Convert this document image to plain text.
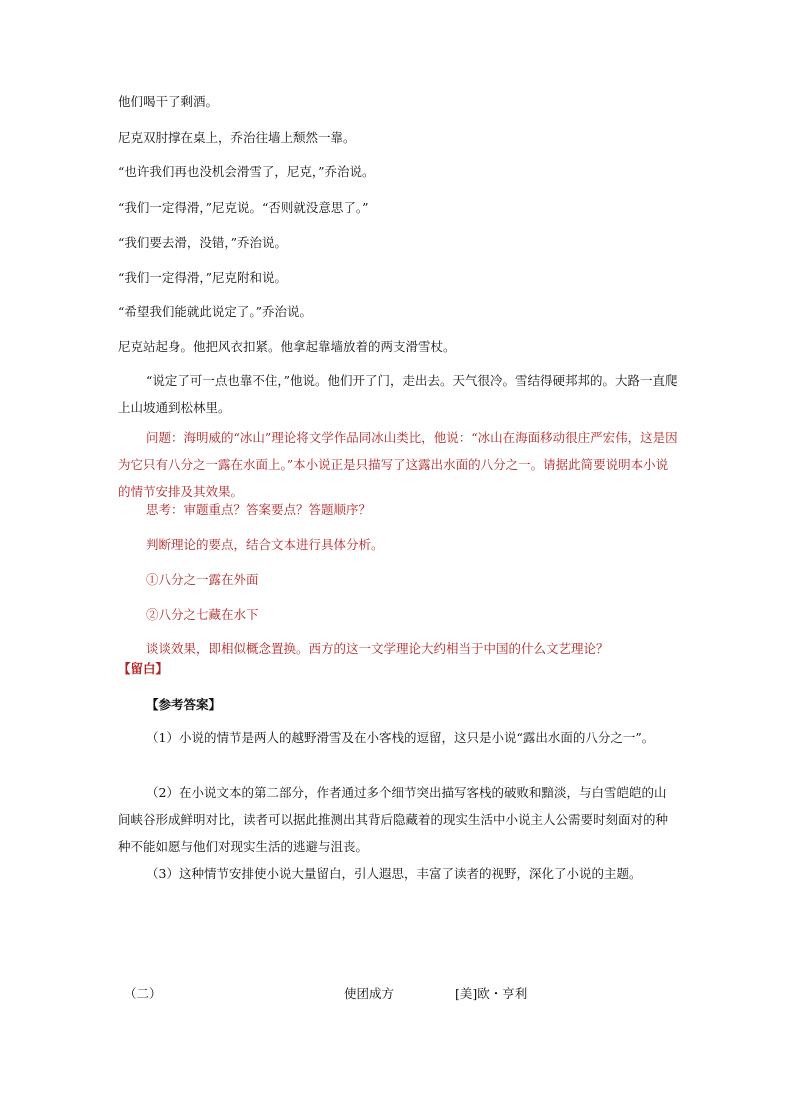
他们喝干了剩酒。

尼克双肘撑在桌上，乔治往墙上颓然一靠。

“也许我们再也没机会滑雪了，尼克，”乔治说。

“我们一定得滑，”尼克说。“否则就没意思了。”

“我们要去滑，没错，”乔治说。

“我们一定得滑，”尼克附和说。

“希望我们能就此说定了。”乔治说。

尼克站起身。他把风衣扣紧。他拿起靠墙放着的两支滑雪杖。

“说定了可一点也靠不住，”他说。他们开了门，走出去。天气很冷。雪结得硬邦邦的。大路一直爬上山坡通到松林里。

问题：海明威的“冰山”理论将文学作品同冰山类比，他说：“冰山在海面移动很庄严宏伟，这是因为它只有八分之一露在水面上。”本小说正是只描写了这露出水面的八分之一。请据此简要说明本小说的情节安排及其效果。

思考：审题重点？答案要点？答题顺序？

判断理论的要点，结合文本进行具体分析。

①八分之一露在外面

②八分之七藏在水下

谈谈效果，即相似概念置换。西方的这一文学理论大约相当于中国的什么文艺理论？

【留白】

【参考答案】

（1）小说的情节是两人的越野滑雪及在小客栈的逗留，这只是小说“露出水面的八分之一”。

（2）在小说文本的第二部分，作者通过多个细节突出描写客栈的破败和黯淡，与白雪皑皑的山间峡谷形成鲜明对比，读者可以据此推测出其背后隐藏着的现实生活中小说主人公需要时刻面对的种种不能如愿与他们对现实生活的逃避与沮丧。

（3）这种情节安排使小说大量留白，引人遐思，丰富了读者的视野，深化了小说的主题。

（二）	使团成方	[美]欧・亨利
